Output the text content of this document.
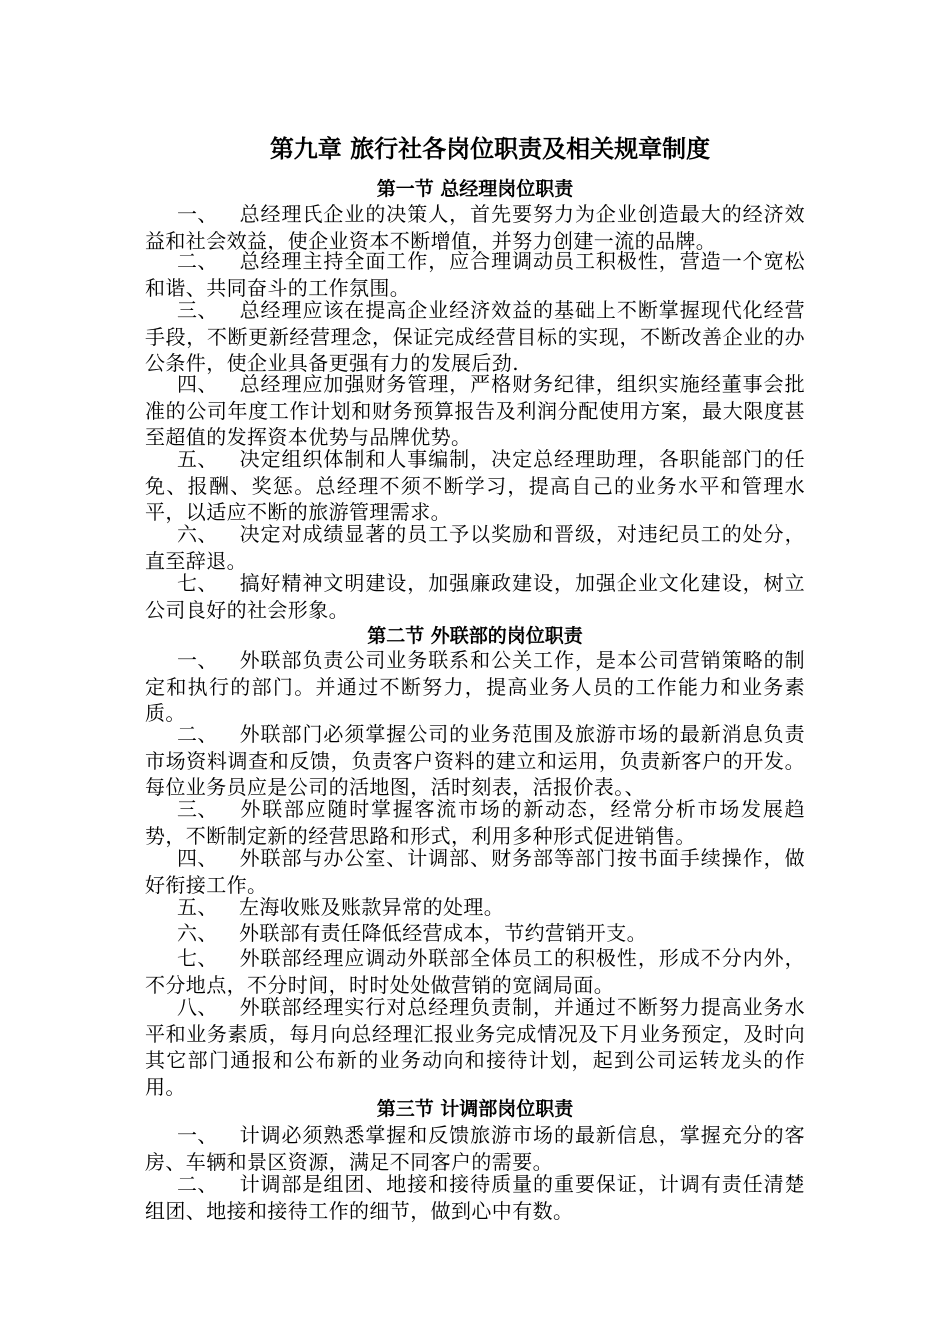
第九章 旅行社各岗位职责及相关规章制度
第一节 总经理岗位职责
一、 总经理氏企业的决策人，首先要努力为企业创造最大的经济效益和社会效益，使企业资本不断增值，并努力创建一流的品牌。
二、 总经理主持全面工作，应合理调动员工积极性，营造一个宽松和谐、共同奋斗的工作氛围。
三、 总经理应该在提高企业经济效益的基础上不断掌握现代化经营手段，不断更新经营理念，保证完成经营目标的实现，不断改善企业的办公条件，使企业具备更强有力的发展后劲.
四、 总经理应加强财务管理，严格财务纪律，组织实施经董事会批准的公司年度工作计划和财务预算报告及利润分配使用方案，最大限度甚至超值的发挥资本优势与品牌优势。
五、 决定组织体制和人事编制，决定总经理助理，各职能部门的任免、报酬、奖惩。总经理不须不断学习，提高自己的业务水平和管理水平，以适应不断的旅游管理需求。
六、 决定对成绩显著的员工予以奖励和晋级，对违纪员工的处分，直至辞退。
七、 搞好精神文明建设，加强廉政建设，加强企业文化建设，树立公司良好的社会形象。
第二节 外联部的岗位职责
一、 外联部负责公司业务联系和公关工作，是本公司营销策略的制定和执行的部门。并通过不断努力，提高业务人员的工作能力和业务素质。
二、 外联部门必须掌握公司的业务范围及旅游市场的最新消息负责市场资料调查和反馈，负责客户资料的建立和运用，负责新客户的开发。每位业务员应是公司的活地图，活时刻表，活报价表。、
三、 外联部应随时掌握客流市场的新动态，经常分析市场发展趋势，不断制定新的经营思路和形式，利用多种形式促进销售。
四、 外联部与办公室、计调部、财务部等部门按书面手续操作，做好衔接工作。
五、 左海收账及账款异常的处理。
六、 外联部有责任降低经营成本，节约营销开支。
七、 外联部经理应调动外联部全体员工的积极性，形成不分内外，不分地点，不分时间，时时处处做营销的宽阔局面。
八、 外联部经理实行对总经理负责制，并通过不断努力提高业务水平和业务素质，每月向总经理汇报业务完成情况及下月业务预定，及时向其它部门通报和公布新的业务动向和接待计划，起到公司运转龙头的作用。
第三节 计调部岗位职责
一、 计调必须熟悉掌握和反馈旅游市场的最新信息，掌握充分的客房、车辆和景区资源，满足不同客户的需要。
二、 计调部是组团、地接和接待质量的重要保证，计调有责任清楚组团、地接和接待工作的细节，做到心中有数。
